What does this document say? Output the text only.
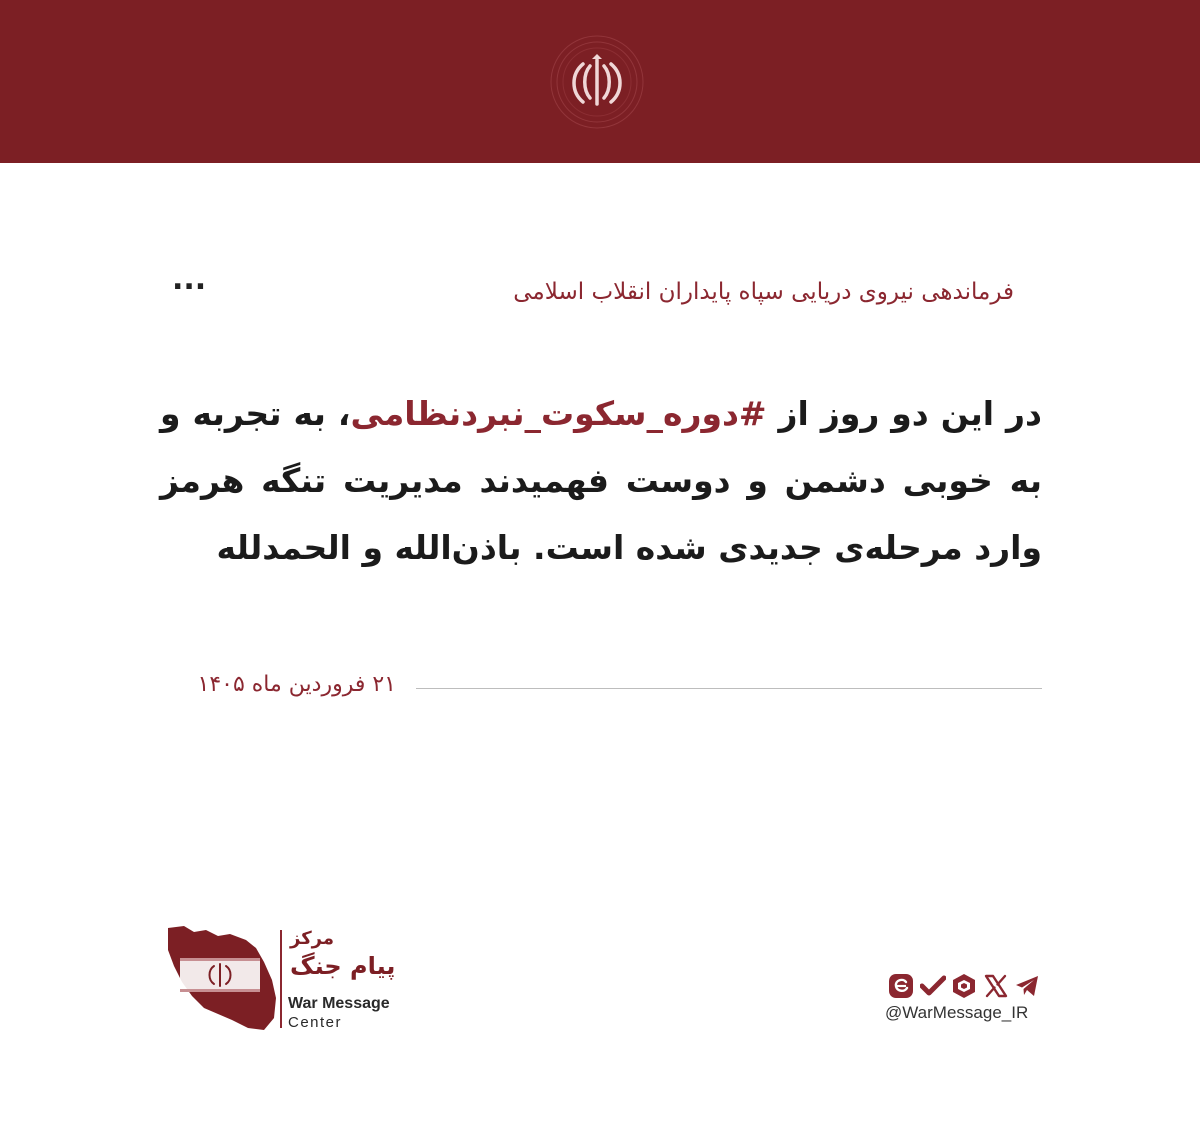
فرماندهی نیروی دریایی سپاه پایداران انقلاب اسلامی
...
در این دو روز از #دوره_سکوت_نبردنظامی، به تجربه و به خوبی دشمن و دوست فهمیدند مدیریت تنگه هرمز وارد مرحله‌ی جدیدی شده است. باذن‌الله و الحمدلله
۲۱ فروردین ماه ۱۴۰۵
مرکز
پیام جنگ
War Message
Center
@WarMessage_IR
